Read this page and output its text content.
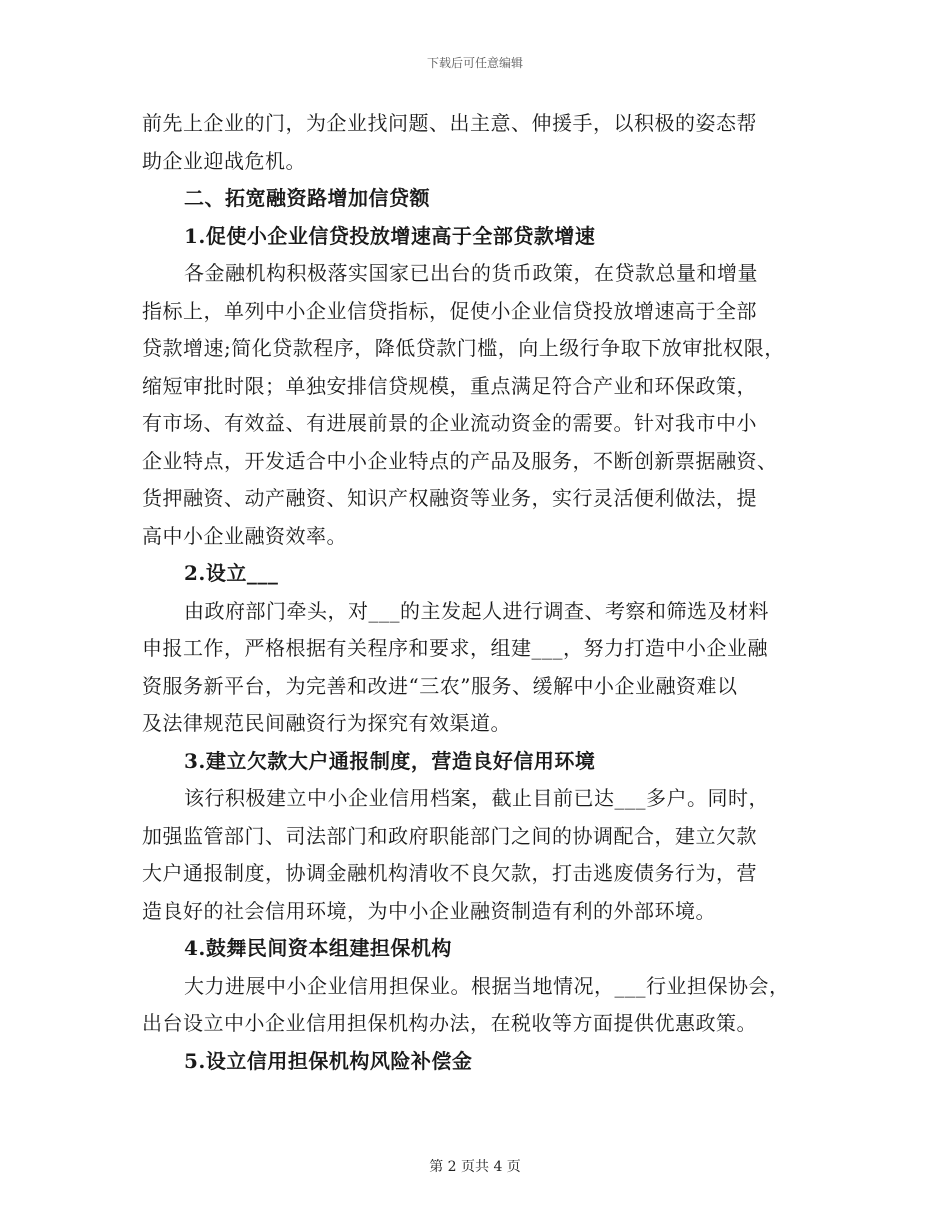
下载后可任意编辑
前先上企业的门，为企业找问题、出主意、伸援手，以积极的姿态帮
助企业迎战危机。
二、拓宽融资路增加信贷额
1.促使小企业信贷投放增速高于全部贷款增速
各金融机构积极落实国家已出台的货币政策，在贷款总量和增量
指标上，单列中小企业信贷指标，促使小企业信贷投放增速高于全部
贷款增速;简化贷款程序，降低贷款门槛，向上级行争取下放审批权限，
缩短审批时限；单独安排信贷规模，重点满足符合产业和环保政策，
有市场、有效益、有进展前景的企业流动资金的需要。针对我市中小
企业特点，开发适合中小企业特点的产品及服务，不断创新票据融资、
货押融资、动产融资、知识产权融资等业务，实行灵活便利做法，提
高中小企业融资效率。
2.设立___
由政府部门牵头，对___的主发起人进行调查、考察和筛选及材料
申报工作，严格根据有关程序和要求，组建___，努力打造中小企业融
资服务新平台，为完善和改进“三农”服务、缓解中小企业融资难以
及法律规范民间融资行为探究有效渠道。
3.建立欠款大户通报制度，营造良好信用环境
该行积极建立中小企业信用档案，截止目前已达___多户。同时，
加强监管部门、司法部门和政府职能部门之间的协调配合，建立欠款
大户通报制度，协调金融机构清收不良欠款，打击逃废债务行为，营
造良好的社会信用环境，为中小企业融资制造有利的外部环境。
4.鼓舞民间资本组建担保机构
大力进展中小企业信用担保业。根据当地情况，___行业担保协会，
出台设立中小企业信用担保机构办法，在税收等方面提供优惠政策。
5.设立信用担保机构风险补偿金
第 2 页共 4 页
